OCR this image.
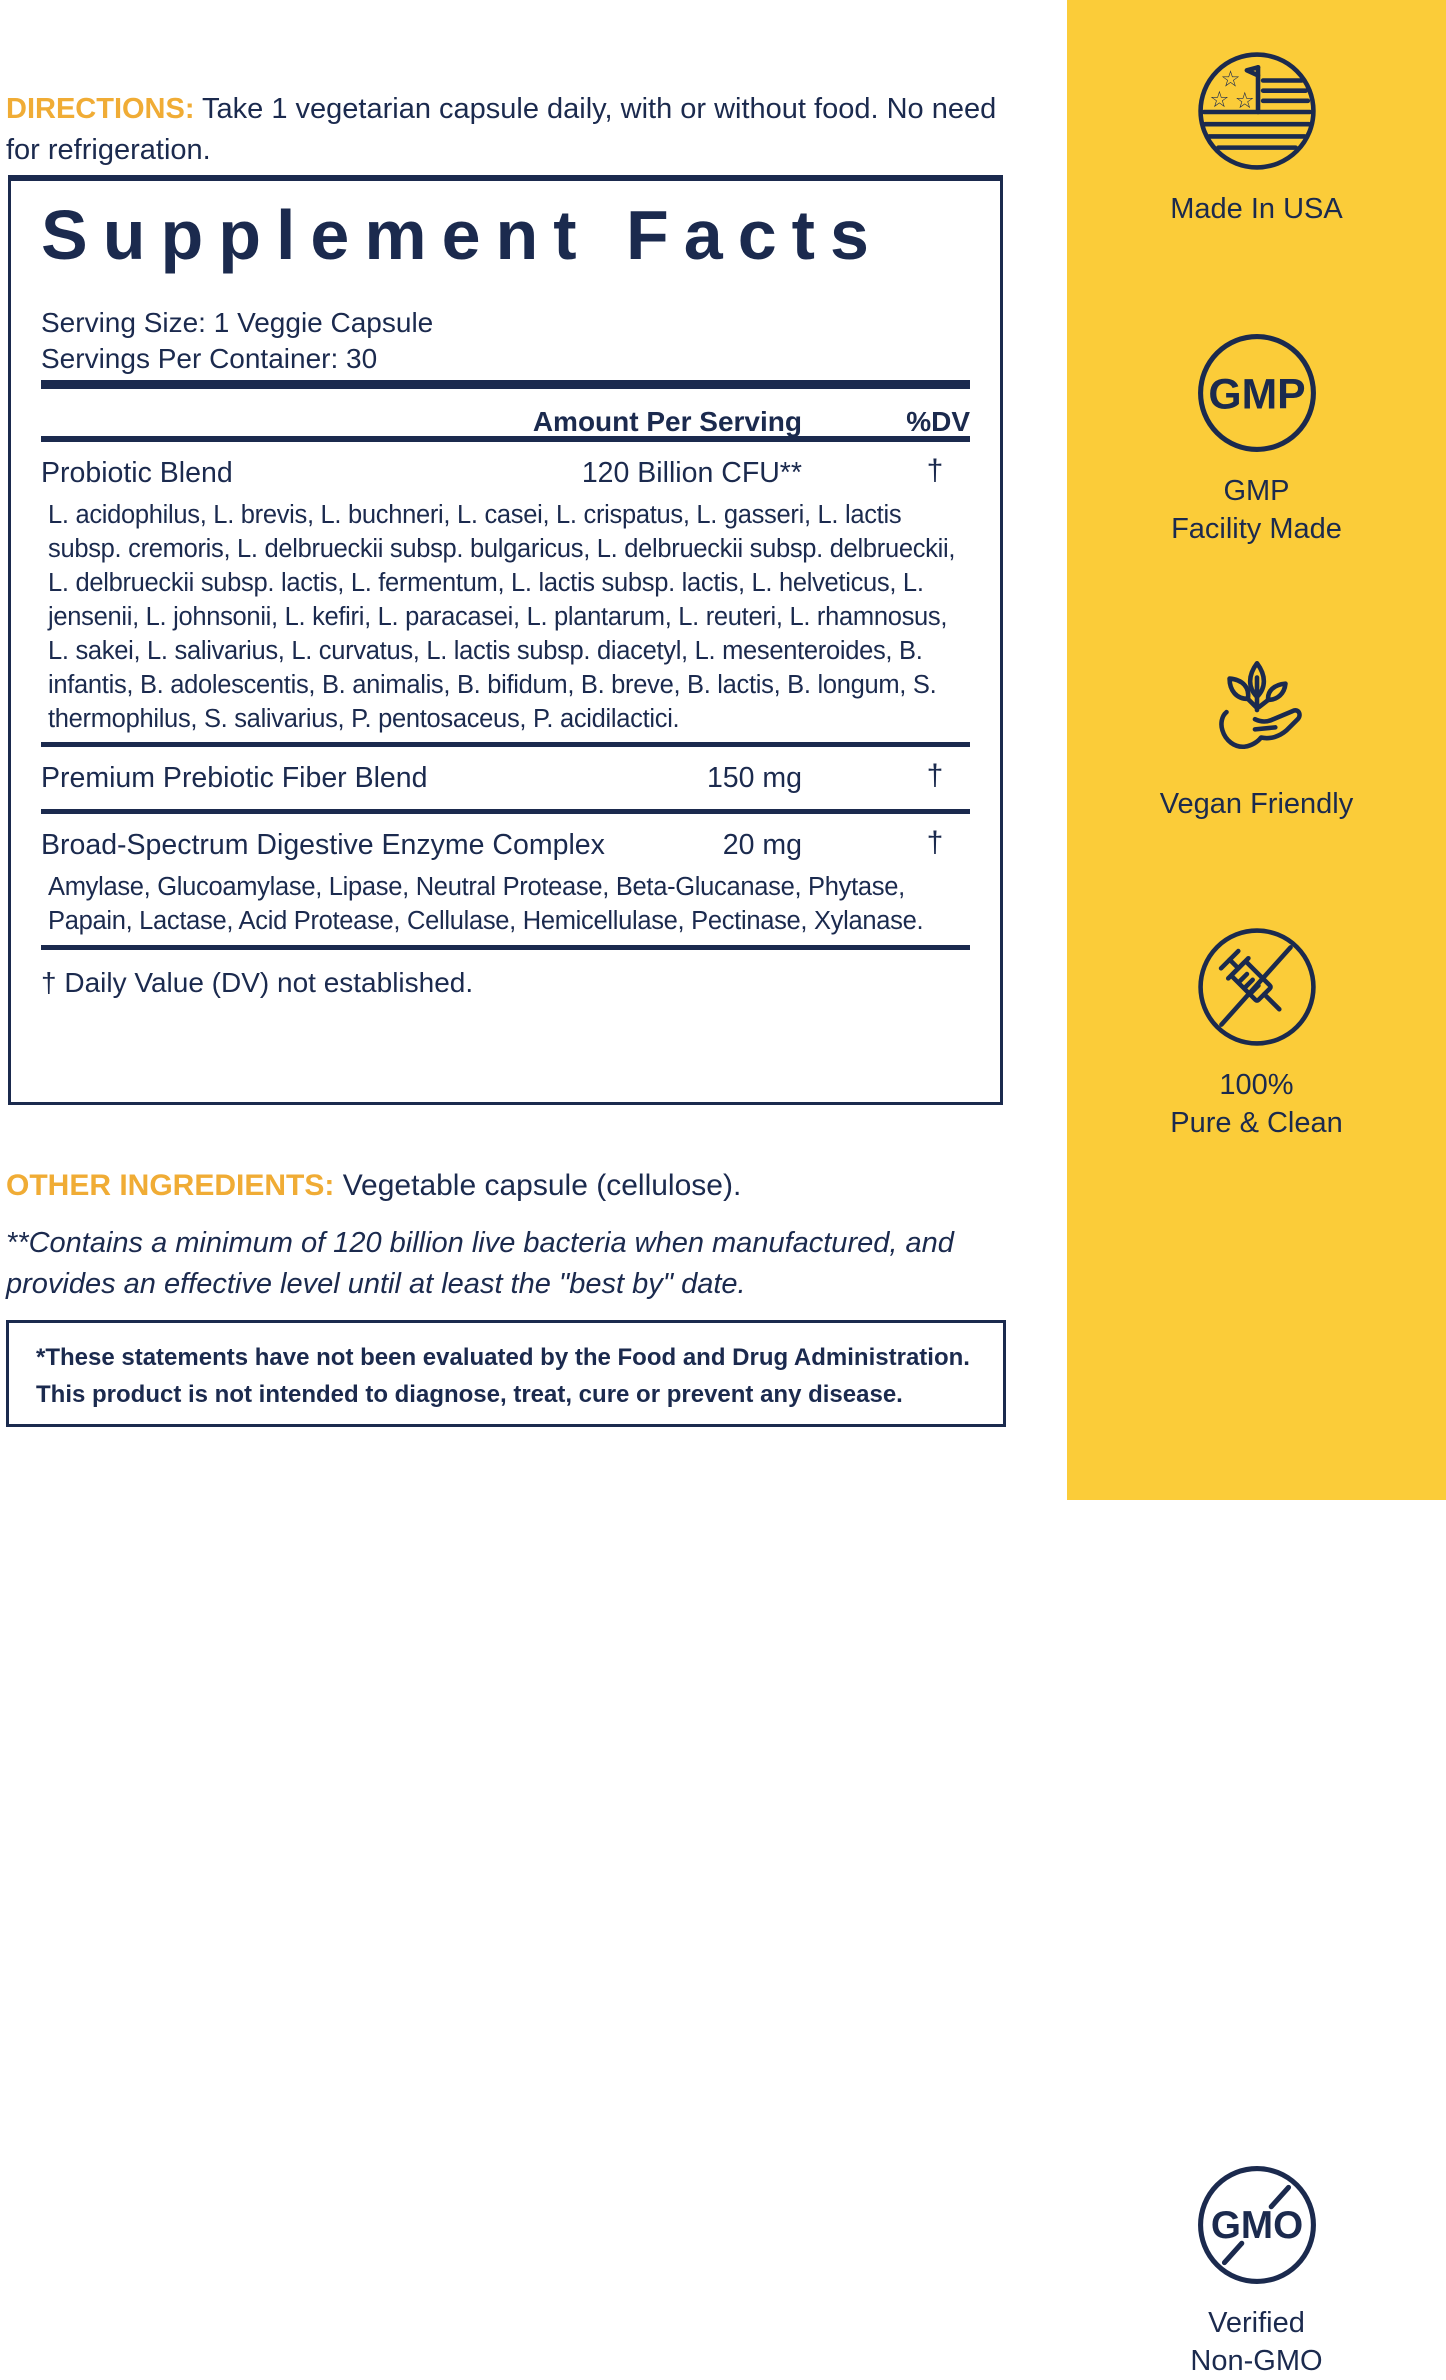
DIRECTIONS: Take 1 vegetarian capsule daily, with or without food. No need for refrigeration.

Supplement Facts
Serving Size: 1 Veggie Capsule
Servings Per Container: 30
Amount Per Serving	%DV
Probiotic Blend	120 Billion CFU**	†
L. acidophilus, L. brevis, L. buchneri, L. casei, L. crispatus, L. gasseri, L. lactis subsp. cremoris, L. delbrueckii subsp. bulgaricus, L. delbrueckii subsp. delbrueckii, L. delbrueckii subsp. lactis, L. fermentum, L. lactis subsp. lactis, L. helveticus, L. jensenii, L. johnsonii, L. kefiri, L. paracasei, L. plantarum, L. reuteri, L. rhamnosus, L. sakei, L. salivarius, L. curvatus, L. lactis subsp. diacetyl, L. mesenteroides, B. infantis, B. adolescentis, B. animalis, B. bifidum, B. breve, B. lactis, B. longum, S. thermophilus, S. salivarius, P. pentosaceus, P. acidilactici.
Premium Prebiotic Fiber Blend	150 mg	†
Broad-Spectrum Digestive Enzyme Complex	20 mg	†
Amylase, Glucoamylase, Lipase, Neutral Protease, Beta-Glucanase, Phytase, Papain, Lactase, Acid Protease, Cellulase, Hemicellulase, Pectinase, Xylanase.
† Daily Value (DV) not established.

OTHER INGREDIENTS: Vegetable capsule (cellulose).

**Contains a minimum of 120 billion live bacteria when manufactured, and provides an effective level until at least the "best by" date.

*These statements have not been evaluated by the Food and Drug Administration. This product is not intended to diagnose, treat, cure or prevent any disease.
☆
☆ ☆
Made In USA
GMP
GMP
Facility Made
Vegan Friendly
100%
Pure & Clean
GMO
Verified
Non-GMO
